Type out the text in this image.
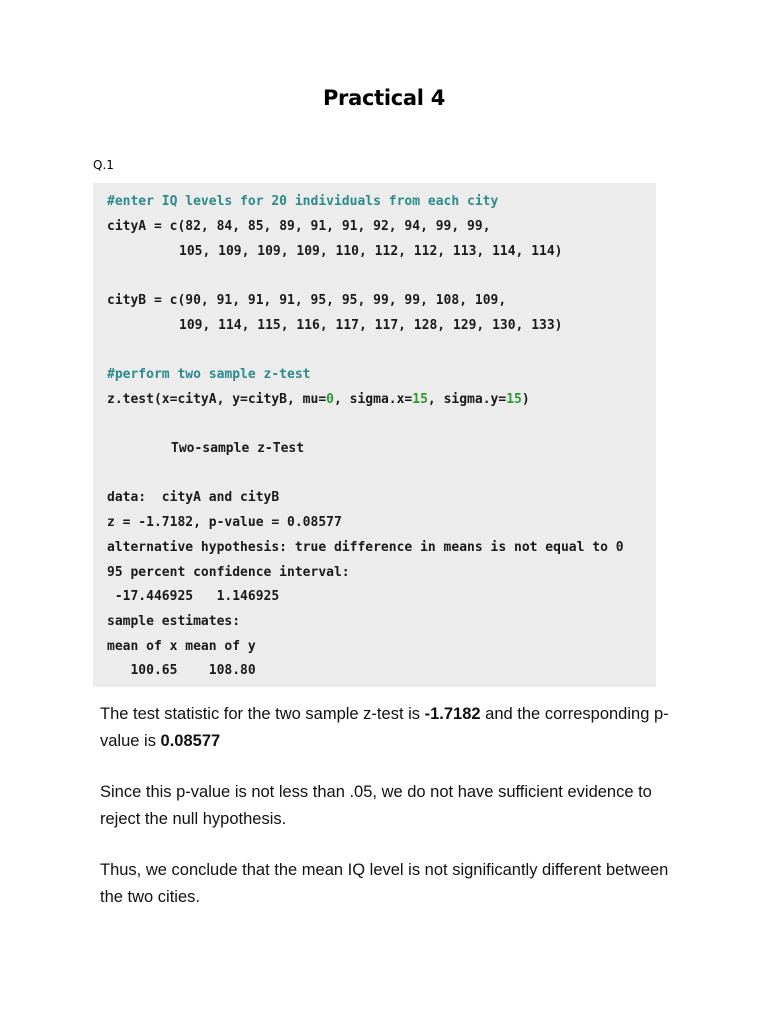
Practical 4
Q.1
#enter IQ levels for 20 individuals from each city
cityA = c(82, 84, 85, 89, 91, 91, 92, 94, 99, 99,
105, 109, 109, 109, 110, 112, 112, 113, 114, 114)
cityB = c(90, 91, 91, 91, 95, 95, 99, 99, 108, 109,
109, 114, 115, 116, 117, 117, 128, 129, 130, 133)
#perform two sample z-test
z.test(x=cityA, y=cityB, mu=0, sigma.x=15, sigma.y=15)
Two-sample z-Test
data:  cityA and cityB
z = -1.7182, p-value = 0.08577
alternative hypothesis: true difference in means is not equal to 0
95 percent confidence interval:
-17.446925   1.146925
sample estimates:
mean of x mean of y
100.65    108.80
The test statistic for the two sample z-test is -1.7182 and the corresponding p-value is 0.08577
Since this p-value is not less than .05, we do not have sufficient evidence to reject the null hypothesis.
Thus, we conclude that the mean IQ level is not significantly different between the two cities.
